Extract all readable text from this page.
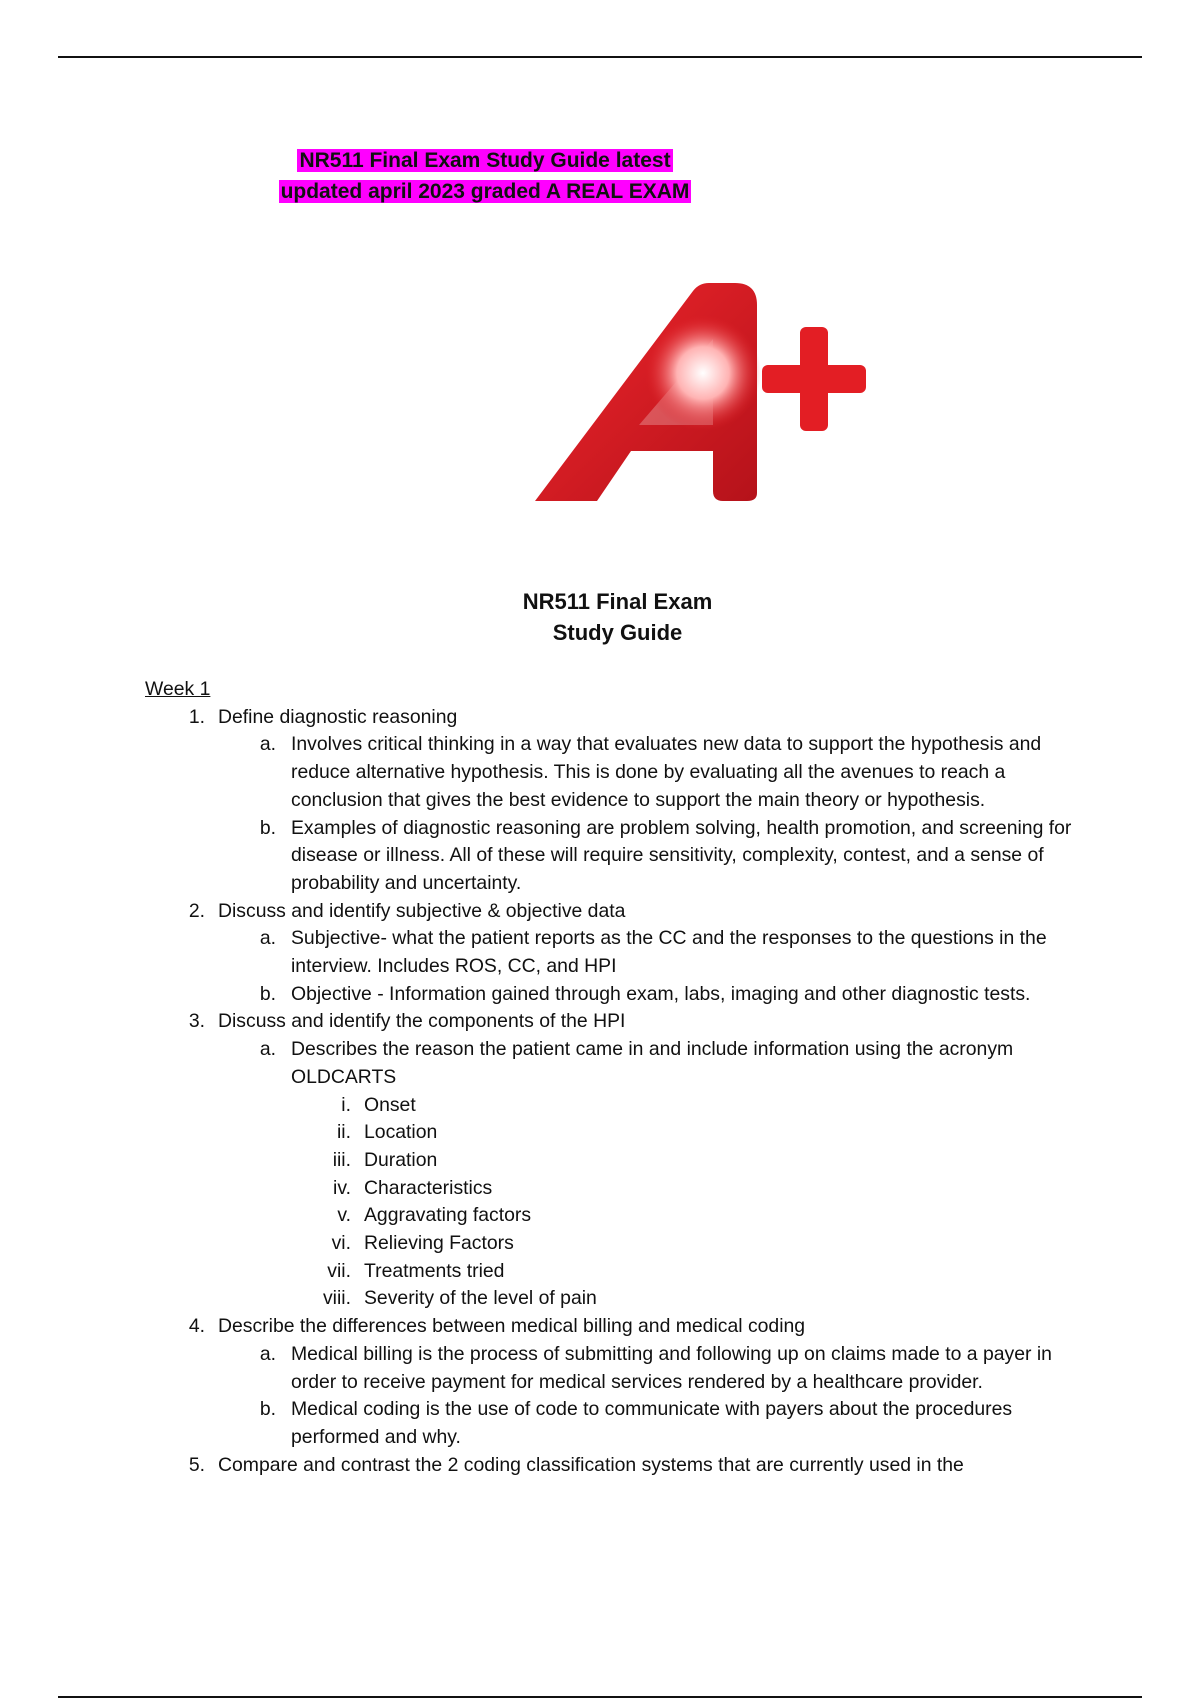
NR511 Final Exam Study Guide latest
updated april 2023 graded A REAL EXAM
NR511 Final Exam
Study Guide

Week 1

1. Define diagnostic reasoning
a. Involves critical thinking in a way that evaluates new data to support the hypothesis and reduce alternative hypothesis. This is done by evaluating all the avenues to reach a conclusion that gives the best evidence to support the main theory or hypothesis.
b. Examples of diagnostic reasoning are problem solving, health promotion, and screening for disease or illness. All of these will require sensitivity, complexity, contest, and a sense of probability and uncertainty.
2. Discuss and identify subjective & objective data
a. Subjective- what the patient reports as the CC and the responses to the questions in the interview. Includes ROS, CC, and HPI
b. Objective - Information gained through exam, labs, imaging and other diagnostic tests.
3. Discuss and identify the components of the HPI
a. Describes the reason the patient came in and include information using the acronym OLDCARTS
i. Onset
ii. Location
iii. Duration
iv. Characteristics
v. Aggravating factors
vi. Relieving Factors
vii. Treatments tried
viii. Severity of the level of pain
4. Describe the differences between medical billing and medical coding
a. Medical billing is the process of submitting and following up on claims made to a payer in order to receive payment for medical services rendered by a healthcare provider.
b. Medical coding is the use of code to communicate with payers about the procedures performed and why.
5. Compare and contrast the 2 coding classification systems that are currently used in the
